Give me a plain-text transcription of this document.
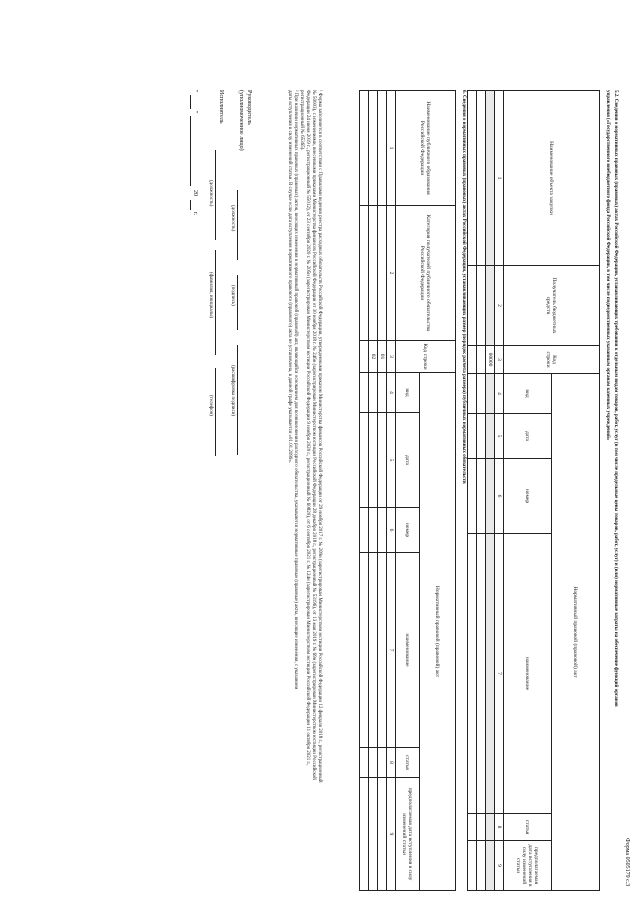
Форма 0505179 с.3
5.2. Сведения о нормативных правовых (правовых) актах Российской Федерации, устанавливающих требования к отдельным видам товаров, работ, услуг (в том числе предельные цены товаров, работ, услуг) и (или) нормативные затраты на обеспечение функций органов
управления («Государственного внебюджетного фонда Российской Федерации, в том числе подведомственных указанным органам казенных учреждений»
Наименование объекта закупки	Получатель бюджетных средств	Код строки	Нормативный правовой (правовой) акт					
			вид	дата	номер	наименование	статья	предполагаемая дата вступления в силу изменений статьи
1	2	3	4	5	6	7	8	9
		00000						

6. Сведения о нормативных правовых (правовых) актах Российской Федерации, устанавливающих размер (порядок расчета размера) публичных нормативных обязательств
Наименование публичного образования Российской Федерации	Категория получателей публичного обязательства Российской Федерации	Код строки	Нормативный правовой (правовой) акт					
			вид	дата	номер	наименование	статья	предполагаемая дата вступления в силу изменений статьи
1	2	3	4	5	6	7	8	9
		01						
		02						

¹ Форма заполняется в соответствии с Правилами ведения реестра расходных обязательств Российской Федерации, утвержденными приказом Министерства финансов Российской Федерации от 29 ноября 2017 г. № 209н (зарегистрирован Министерством юстиции Российской Федерации 12 февраля 2018 г., регистрационный
№ 50003), с изменениями, внесенными приказами Министерства финансов Российской Федерации от 30 ноября 2018 г. № 246н (зарегистрирован Министерством юстиции Российской Федерации 28 декабря 2018 г., регистрационный № 53196), от 13 мая 2019 г. № 69н (зарегистрирован Министерством юстиции Российской
Федерации 24 июня 2019 г., регистрационный № 55012), от 23 сентября 2020 г. № 205н (зарегистрирован Министерством юстиции Российской Федерации 9 ноября 2020 г., регистрационный № 60820), от 6 сентября 2021 г. № 124н (зарегистрирован Министерством юстиции Российской Федерации 11 октября 2021 г.,
регистрационный № 65365).
² При наличии нормативных правовых (правовых) актов, вносящих изменения в нормативный правовой (правовой) акт, являющийся основанием для возникновения расходного обязательства, указываются нормативные правовые (правовые) акты, вносящие изменения, с указанием
даты вступления в силу изменений статьи. В случае если дата вступления нормативного правового (правового) акта не установлена, в данной графе указывается «01.01.2099».
Руководитель
(уполномоченное лицо)
(должность)
(подпись)
(расшифровка подписи)
Исполнитель
(должность)
(фамилия, инициалы)
(телефон)
"
"
20
г.
